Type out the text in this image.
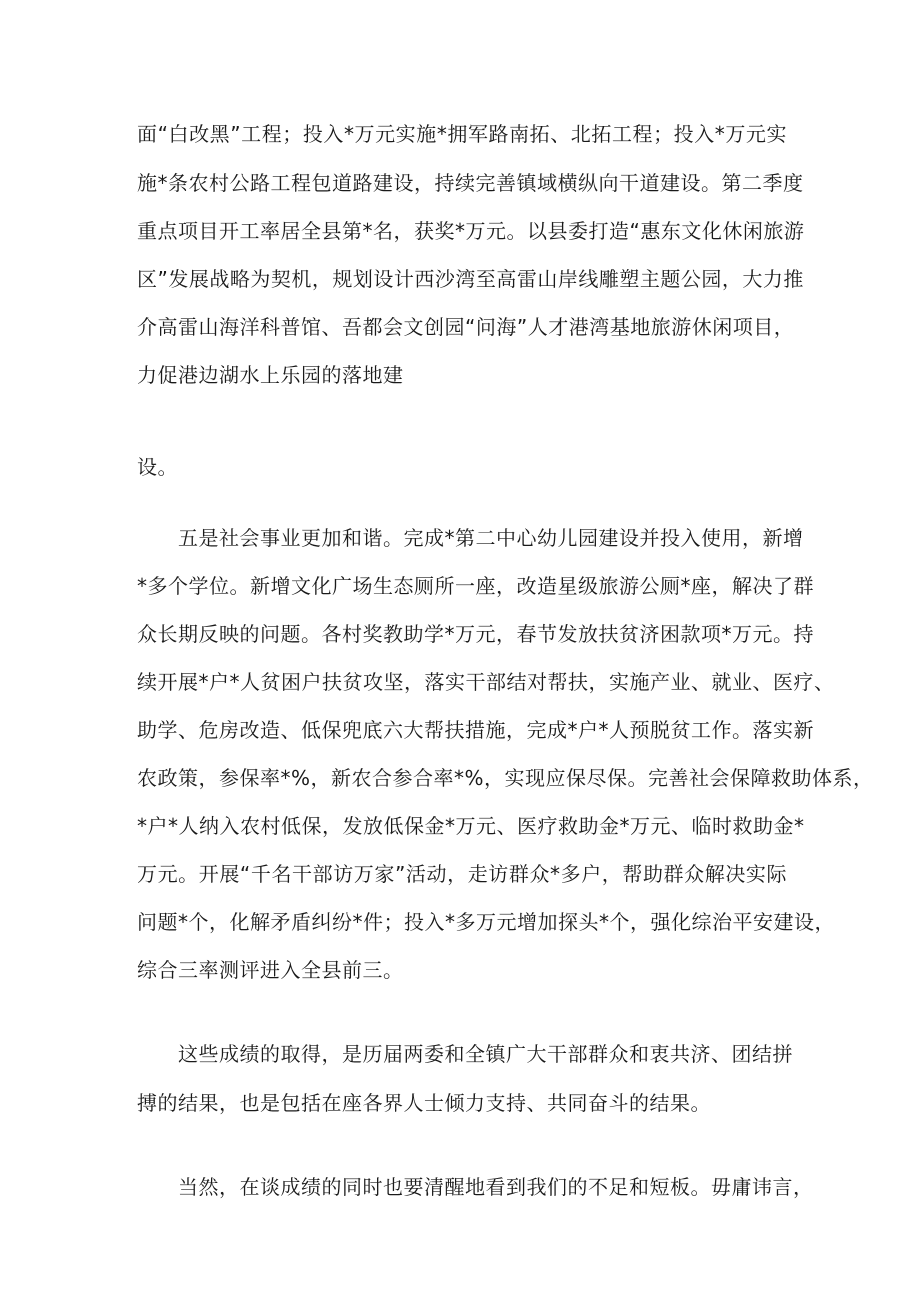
面“白改黑”工程；投入*万元实施*拥军路南拓、北拓工程；投入*万元实
施*条农村公路工程包道路建设，持续完善镇域横纵向干道建设。第二季度
重点项目开工率居全县第*名，获奖*万元。以县委打造“惠东文化休闲旅游
区”发展战略为契机，规划设计西沙湾至高雷山岸线雕塑主题公园，大力推
介高雷山海洋科普馆、吾都会文创园“问海”人才港湾基地旅游休闲项目，
力促港边湖水上乐园的落地建
设。
五是社会事业更加和谐。完成*第二中心幼儿园建设并投入使用，新增
*多个学位。新增文化广场生态厕所一座，改造星级旅游公厕*座，解决了群
众长期反映的问题。各村奖教助学*万元，春节发放扶贫济困款项*万元。持
续开展*户*人贫困户扶贫攻坚，落实干部结对帮扶，实施产业、就业、医疗、
助学、危房改造、低保兜底六大帮扶措施，完成*户*人预脱贫工作。落实新
农政策，参保率*%，新农合参合率*%，实现应保尽保。完善社会保障救助体系，
*户*人纳入农村低保，发放低保金*万元、医疗救助金*万元、临时救助金*
万元。开展“千名干部访万家”活动，走访群众*多户，帮助群众解决实际
问题*个，化解矛盾纠纷*件；投入*多万元增加探头*个，强化综治平安建设，
综合三率测评进入全县前三。
这些成绩的取得，是历届两委和全镇广大干部群众和衷共济、团结拼
搏的结果，也是包括在座各界人士倾力支持、共同奋斗的结果。
当然，在谈成绩的同时也要清醒地看到我们的不足和短板。毋庸讳言，
